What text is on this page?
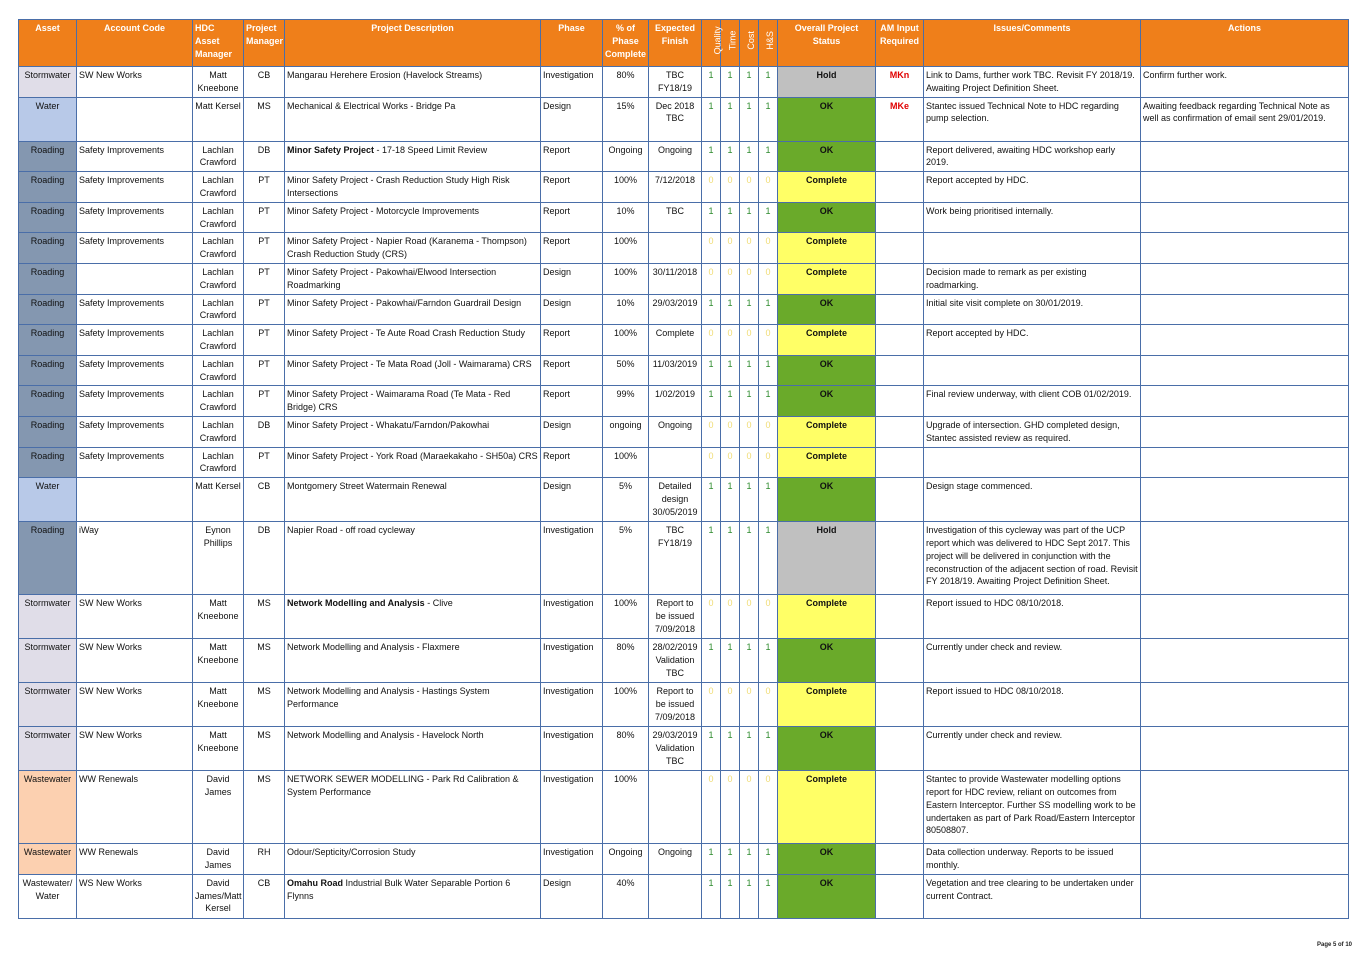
Asset	Account Code	HDC Asset Manager	Project Manager	Project Description	Phase	% of Phase Complete	Expected Finish	Quality	Time	Cost	H&S	Overall Project Status	AM Input Required	Issues/Comments	Actions
Stormwater	SW New Works	Matt Kneebone	CB	Mangarau Herehere Erosion (Havelock Streams)	Investigation	80%	TBC FY18/19	1	1	1	1	Hold	MKn	Link to Dams, further work TBC. Revisit FY 2018/19. Awaiting Project Definition Sheet.	Confirm further work.
Water		Matt Kersel	MS	Mechanical & Electrical Works - Bridge Pa	Design	15%	Dec 2018 TBC	1	1	1	1	OK	MKe	Stantec issued Technical Note to HDC regarding pump selection.	Awaiting feedback regarding Technical Note as well as confirmation of email sent 29/01/2019.
Roading	Safety Improvements	Lachlan Crawford	DB	Minor Safety Project - 17-18 Speed Limit Review	Report	Ongoing	Ongoing	1	1	1	1	OK		Report delivered, awaiting HDC workshop early 2019.	
Roading	Safety Improvements	Lachlan Crawford	PT	Minor Safety Project - Crash Reduction Study High Risk Intersections	Report	100%	7/12/2018	0	0	0	0	Complete		Report accepted by HDC.	
Roading	Safety Improvements	Lachlan Crawford	PT	Minor Safety Project - Motorcycle Improvements	Report	10%	TBC	1	1	1	1	OK		Work being prioritised internally.	
Roading	Safety Improvements	Lachlan Crawford	PT	Minor Safety Project - Napier Road (Karanema - Thompson) Crash Reduction Study (CRS)	Report	100%		0	0	0	0	Complete			
Roading		Lachlan Crawford	PT	Minor Safety Project - Pakowhai/Elwood Intersection Roadmarking	Design	100%	30/11/2018	0	0	0	0	Complete		Decision made to remark as per existing roadmarking.	
Roading	Safety Improvements	Lachlan Crawford	PT	Minor Safety Project - Pakowhai/Farndon Guardrail Design	Design	10%	29/03/2019	1	1	1	1	OK		Initial site visit complete on 30/01/2019.	
Roading	Safety Improvements	Lachlan Crawford	PT	Minor Safety Project - Te Aute Road Crash Reduction Study	Report	100%	Complete	0	0	0	0	Complete		Report accepted by HDC.	
Roading	Safety Improvements	Lachlan Crawford	PT	Minor Safety Project - Te Mata Road (Joll - Waimarama) CRS	Report	50%	11/03/2019	1	1	1	1	OK			
Roading	Safety Improvements	Lachlan Crawford	PT	Minor Safety Project - Waimarama Road (Te Mata - Red Bridge) CRS	Report	99%	1/02/2019	1	1	1	1	OK		Final review underway, with client COB 01/02/2019.	
Roading	Safety Improvements	Lachlan Crawford	DB	Minor Safety Project - Whakatu/Farndon/Pakowhai	Design	ongoing	Ongoing	0	0	0	0	Complete		Upgrade of intersection. GHD completed design, Stantec assisted review as required.	
Roading	Safety Improvements	Lachlan Crawford	PT	Minor Safety Project - York Road (Maraekakaho - SH50a) CRS	Report	100%		0	0	0	0	Complete			
Water		Matt Kersel	CB	Montgomery Street Watermain Renewal	Design	5%	Detailed design 30/05/2019	1	1	1	1	OK		Design stage commenced.	
Roading	iWay	Eynon Phillips	DB	Napier Road - off road cycleway	Investigation	5%	TBC FY18/19	1	1	1	1	Hold		Investigation of this cycleway was part of the UCP report which was delivered to HDC Sept 2017. This project will be delivered in conjunction with the reconstruction of the adjacent section of road. Revisit FY 2018/19. Awaiting Project Definition Sheet.	
Stormwater	SW New Works	Matt Kneebone	MS	Network Modelling and Analysis - Clive	Investigation	100%	Report to be issued 7/09/2018	0	0	0	0	Complete		Report issued to HDC 08/10/2018.	
Stormwater	SW New Works	Matt Kneebone	MS	Network Modelling and Analysis - Flaxmere	Investigation	80%	28/02/2019 Validation TBC	1	1	1	1	OK		Currently under check and review.	
Stormwater	SW New Works	Matt Kneebone	MS	Network Modelling and Analysis - Hastings System Performance	Investigation	100%	Report to be issued 7/09/2018	0	0	0	0	Complete		Report issued to HDC 08/10/2018.	
Stormwater	SW New Works	Matt Kneebone	MS	Network Modelling and Analysis - Havelock North	Investigation	80%	29/03/2019 Validation TBC	1	1	1	1	OK		Currently under check and review.	
Wastewater	WW Renewals	David James	MS	NETWORK SEWER MODELLING - Park Rd Calibration & System Performance	Investigation	100%		0	0	0	0	Complete		Stantec to provide Wastewater modelling options report for HDC review, reliant on outcomes from Eastern Interceptor. Further SS modelling work to be undertaken as part of Park Road/Eastern Interceptor 80508807.	
Wastewater	WW Renewals	David James	RH	Odour/Septicity/Corrosion Study	Investigation	Ongoing	Ongoing	1	1	1	1	OK		Data collection underway. Reports to be issued monthly.	
Wastewater/ Water	WS New Works	David James/Matt Kersel	CB	Omahu Road Industrial Bulk Water Separable Portion 6 Flynns	Design	40%		1	1	1	1	OK		Vegetation and tree clearing to be undertaken under current Contract.	
Page 5 of 10
